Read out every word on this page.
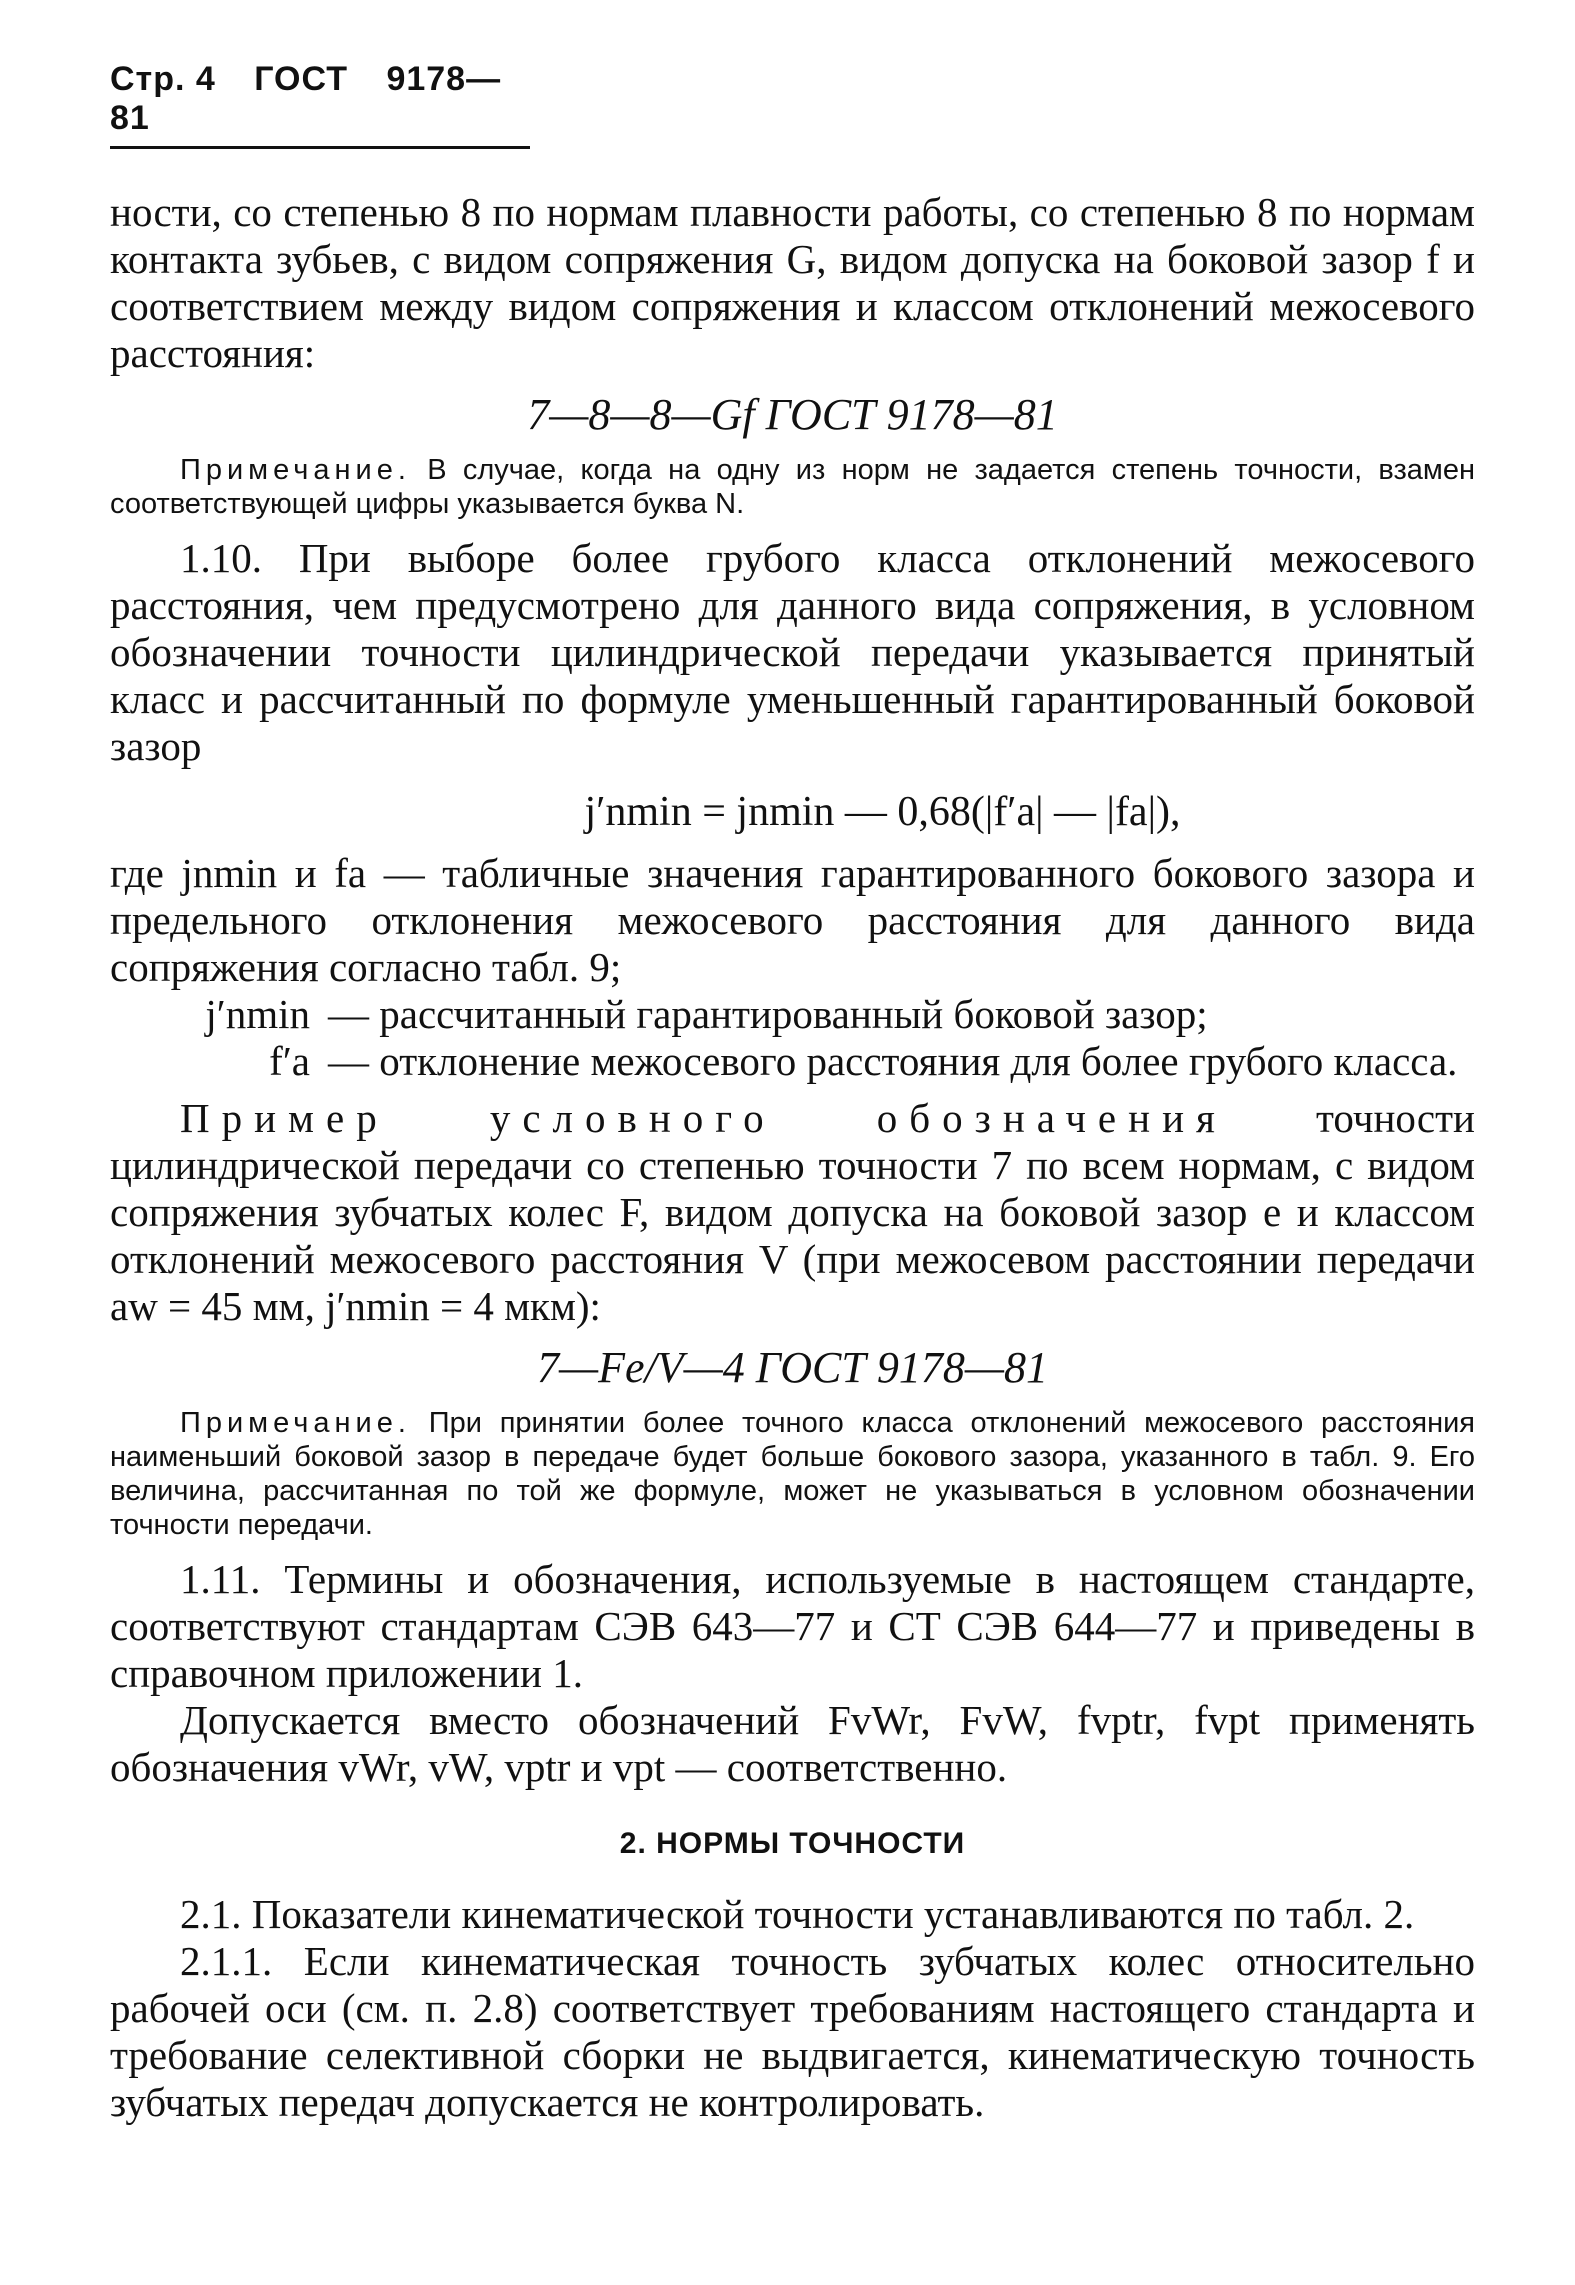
Стр. 4 ГОСТ 9178—81

ности, со степенью 8 по нормам плавности работы, со степенью 8 по нормам контакта зубьев, с видом сопряжения G, видом допуска на боковой зазор f и соответствием между видом сопряжения и классом отклонений межосевого расстояния:

7—8—8—Gf ГОСТ 9178—81

Примечание. В случае, когда на одну из норм не задается степень точности, взамен соответствующей цифры указывается буква N.

1.10. При выборе более грубого класса отклонений межосевого расстояния, чем предусмотрено для данного вида сопряжения, в условном обозначении точности цилиндрической передачи указывается принятый класс и рассчитанный по формуле уменьшенный гарантированный боковой зазор

j′nmin = jnmin — 0,68(|f′a| — |fa|),

где jnmin и fa — табличные значения гарантированного бокового зазора и предельного отклонения межосевого расстояния для данного вида сопряжения согласно табл. 9;

j′nmin — рассчитанный гарантированный боковой зазор;
f′a — отклонение межосевого расстояния для более грубого класса.

Пример условного обозначения точности цилиндрической передачи со степенью точности 7 по всем нормам, с видом сопряжения зубчатых колес F, видом допуска на боковой зазор е и классом отклонений межосевого расстояния V (при межосевом расстоянии передачи aw = 45 мм, j′nmin = 4 мкм):

7—Fe/V—4 ГОСТ 9178—81

Примечание. При принятии более точного класса отклонений межосевого расстояния наименьший боковой зазор в передаче будет больше бокового зазора, указанного в табл. 9. Его величина, рассчитанная по той же формуле, может не указываться в условном обозначении точности передачи.

1.11. Термины и обозначения, используемые в настоящем стандарте, соответствуют стандартам СЭВ 643—77 и СТ СЭВ 644—77 и приведены в справочном приложении 1.

Допускается вместо обозначений FvWr, FvW, fvptr, fvpt применять обозначения vWr, vW, vptr и vpt — соответственно.

2. НОРМЫ ТОЧНОСТИ

2.1. Показатели кинематической точности устанавливаются по табл. 2.

2.1.1. Если кинематическая точность зубчатых колес относительно рабочей оси (см. п. 2.8) соответствует требованиям настоящего стандарта и требование селективной сборки не выдвигается, кинематическую точность зубчатых передач допускается не контролировать.
